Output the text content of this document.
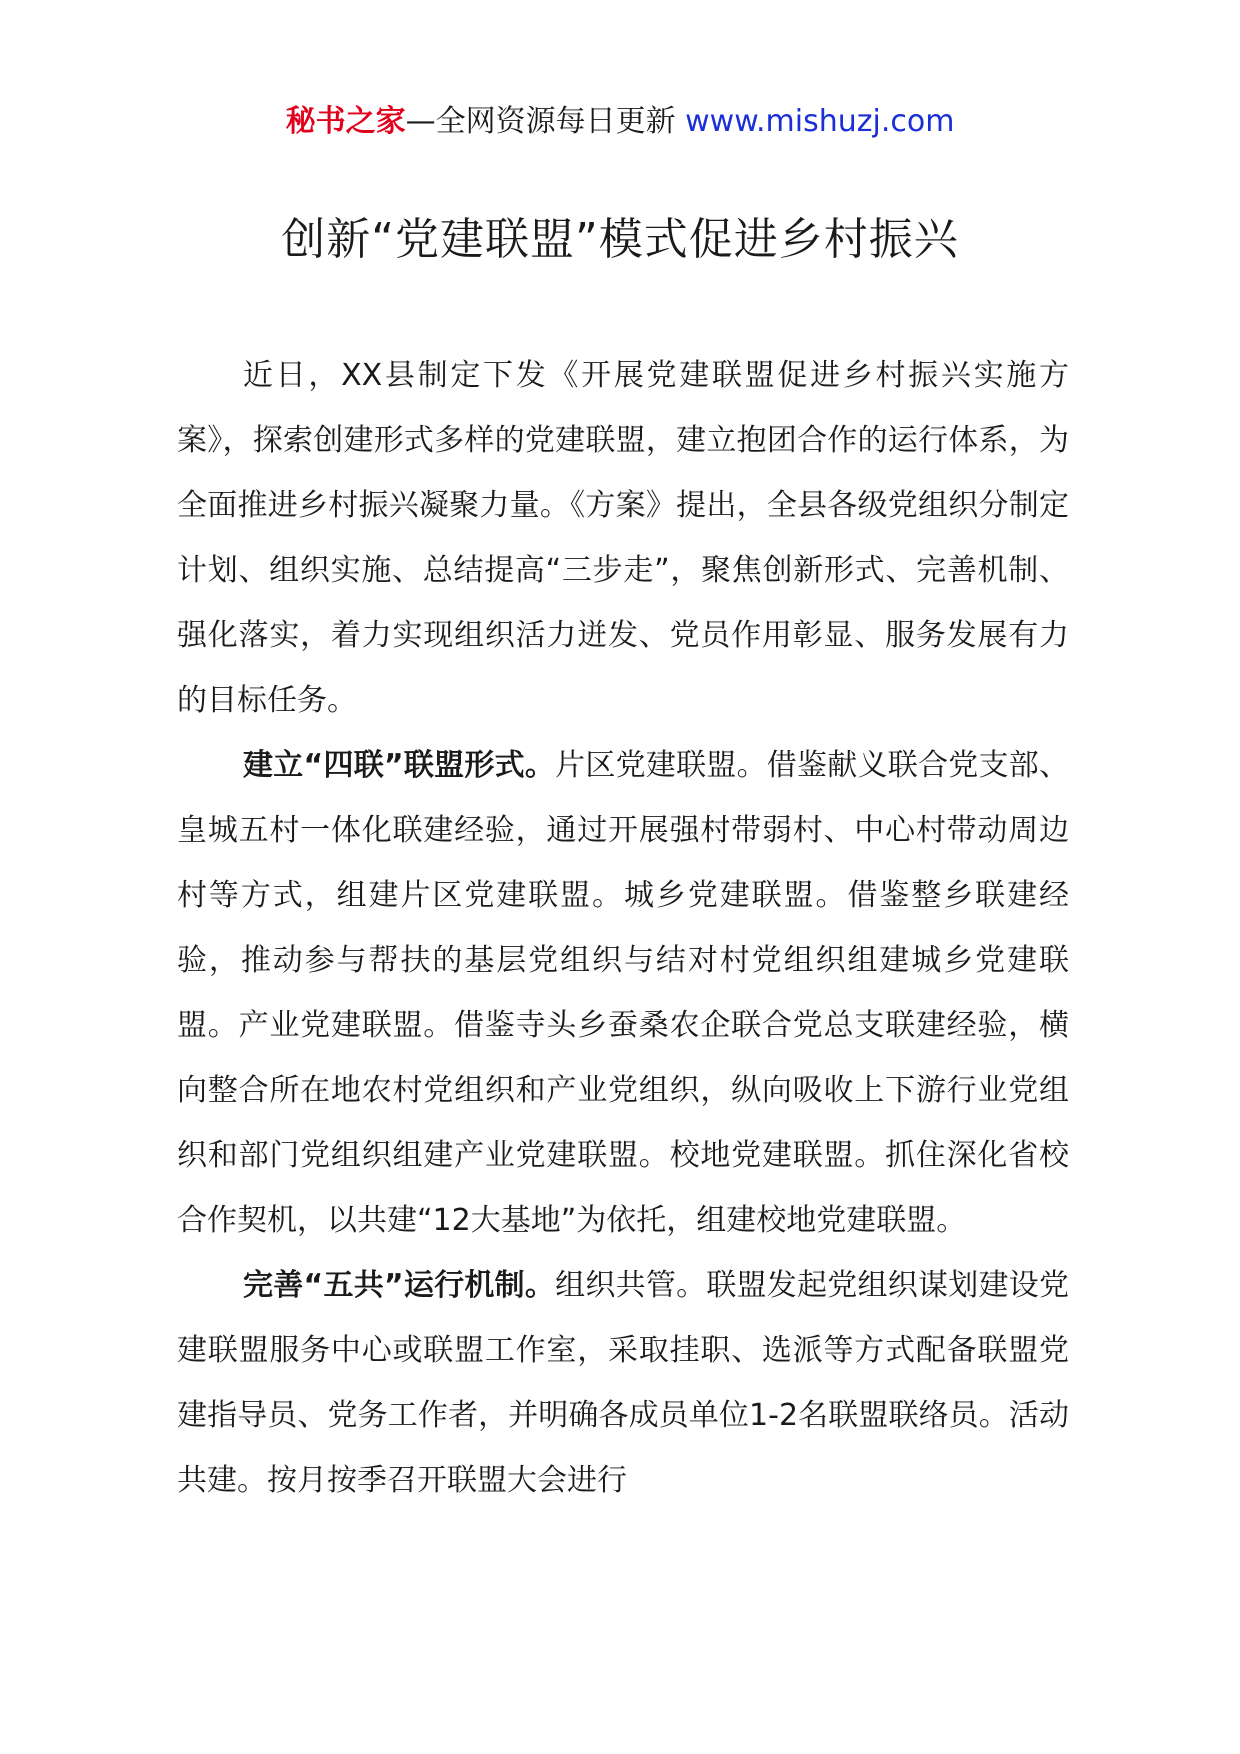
秘书之家—全网资源每日更新 www.mishuzj.com
创新“党建联盟”模式促进乡村振兴

近日，XX县制定下发《开展党建联盟促进乡村振兴实施方案》，探索创建形式多样的党建联盟，建立抱团合作的运行体系，为全面推进乡村振兴凝聚力量。《方案》提出，全县各级党组织分制定计划、组织实施、总结提高“三步走”，聚焦创新形式、完善机制、强化落实，着力实现组织活力迸发、党员作用彰显、服务发展有力的目标任务。

建立“四联”联盟形式。片区党建联盟。借鉴献义联合党支部、皇城五村一体化联建经验，通过开展强村带弱村、中心村带动周边村等方式，组建片区党建联盟。城乡党建联盟。借鉴整乡联建经验，推动参与帮扶的基层党组织与结对村党组织组建城乡党建联盟。产业党建联盟。借鉴寺头乡蚕桑农企联合党总支联建经验，横向整合所在地农村党组织和产业党组织，纵向吸收上下游行业党组织和部门党组织组建产业党建联盟。校地党建联盟。抓住深化省校合作契机，以共建“12大基地”为依托，组建校地党建联盟。

完善“五共”运行机制。组织共管。联盟发起党组织谋划建设党建联盟服务中心或联盟工作室，采取挂职、选派等方式配备联盟党建指导员、党务工作者，并明确各成员单位1-2名联盟联络员。活动共建。按月按季召开联盟大会进行
